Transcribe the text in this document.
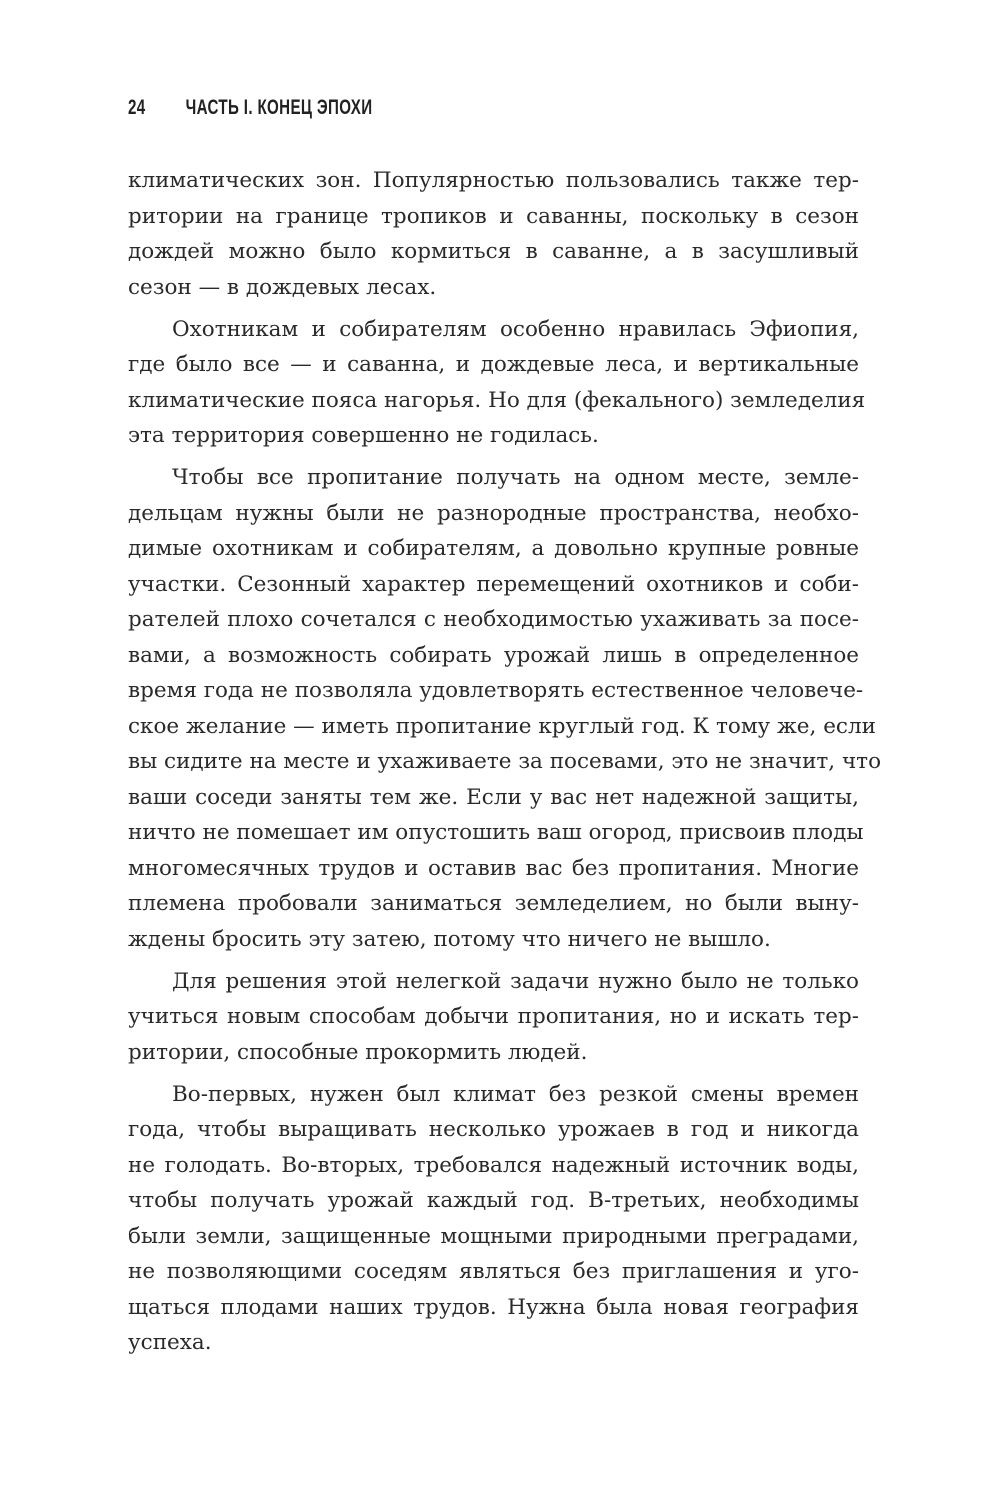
24 ЧАСТЬ I. КОНЕЦ ЭПОХИ
климатических зон. Популярностью пользовались также тер-
ритории на границе тропиков и саванны, поскольку в сезон
дождей можно было кормиться в саванне, а в засушливый
сезон — в дождевых лесах.
Охотникам и собирателям особенно нравилась Эфиопия,
где было все — и саванна, и дождевые леса, и вертикальные
климатические пояса нагорья. Но для (фекального) земледелия
эта территория совершенно не годилась.
Чтобы все пропитание получать на одном месте, земле-
дельцам нужны были не разнородные пространства, необхо-
димые охотникам и собирателям, а довольно крупные ровные
участки. Сезонный характер перемещений охотников и соби-
рателей плохо сочетался с необходимостью ухаживать за посе-
вами, а возможность собирать урожай лишь в определенное
время года не позволяла удовлетворять естественное человече-
ское желание — иметь пропитание круглый год. К тому же, если
вы сидите на месте и ухаживаете за посевами, это не значит, что
ваши соседи заняты тем же. Если у вас нет надежной защиты,
ничто не помешает им опустошить ваш огород, присвоив плоды
многомесячных трудов и оставив вас без пропитания. Многие
племена пробовали заниматься земледелием, но были выну-
ждены бросить эту затею, потому что ничего не вышло.
Для решения этой нелегкой задачи нужно было не только
учиться новым способам добычи пропитания, но и искать тер-
ритории, способные прокормить людей.
Во-первых, нужен был климат без резкой смены времен
года, чтобы выращивать несколько урожаев в год и никогда
не голодать. Во-вторых, требовался надежный источник воды,
чтобы получать урожай каждый год. В-третьих, необходимы
были земли, защищенные мощными природными преградами,
не позволяющими соседям являться без приглашения и уго-
щаться плодами наших трудов. Нужна была новая география
успеха.
